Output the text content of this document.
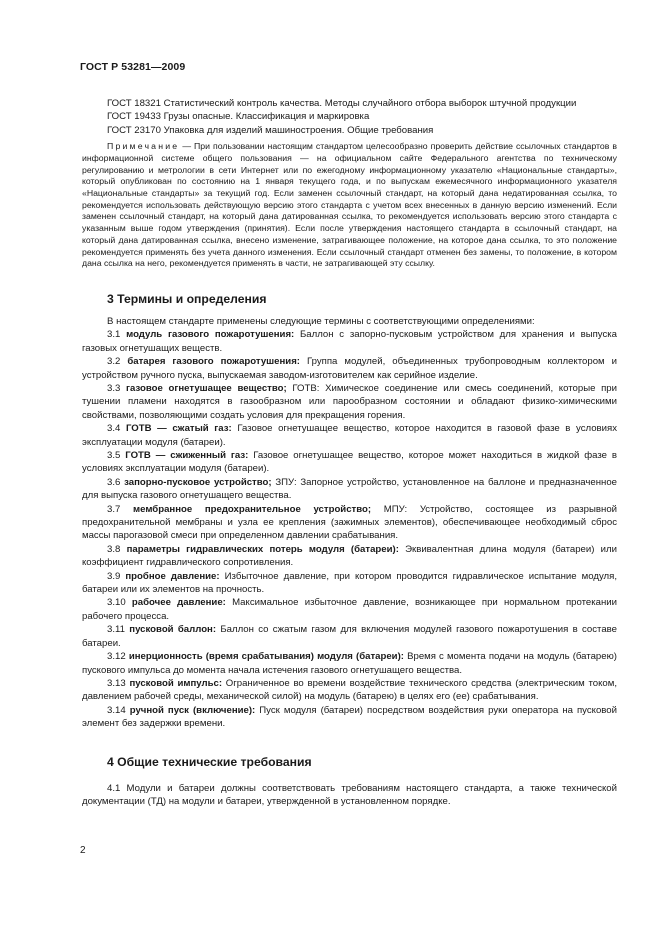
ГОСТ Р 53281—2009

ГОСТ 18321 Статистический контроль качества. Методы случайного отбора выборок штучной продукции

ГОСТ 19433 Грузы опасные. Классификация и маркировка

ГОСТ 23170 Упаковка для изделий машиностроения. Общие требования

Примечание — При пользовании настоящим стандартом целесообразно проверить действие ссылочных стандартов в информационной системе общего пользования — на официальном сайте Федерального агентства по техническому регулированию и метрологии в сети Интернет или по ежегодному информационному указателю «Национальные стандарты», который опубликован по состоянию на 1 января текущего года, и по выпускам ежемесячного информационного указателя «Национальные стандарты» за текущий год. Если заменен ссылочный стандарт, на который дана недатированная ссылка, то рекомендуется использовать действующую версию этого стандарта с учетом всех внесенных в данную версию изменений. Если заменен ссылочный стандарт, на который дана датированная ссылка, то рекомендуется использовать версию этого стандарта с указанным выше годом утверждения (принятия). Если после утверждения настоящего стандарта в ссылочный стандарт, на который дана датированная ссылка, внесено изменение, затрагивающее положение, на которое дана ссылка, то это положение рекомендуется применять без учета данного изменения. Если ссылочный стандарт отменен без замены, то положение, в котором дана ссылка на него, рекомендуется применять в части, не затрагивающей эту ссылку.

3 Термины и определения

В настоящем стандарте применены следующие термины с соответствующими определениями:

3.1 модуль газового пожаротушения: Баллон с запорно-пусковым устройством для хранения и выпуска газовых огнетушащих веществ.

3.2 батарея газового пожаротушения: Группа модулей, объединенных трубопроводным коллектором и устройством ручного пуска, выпускаемая заводом-изготовителем как серийное изделие.

3.3 газовое огнетушащее вещество; ГОТВ: Химическое соединение или смесь соединений, которые при тушении пламени находятся в газообразном или парообразном состоянии и обладают физико-химическими свойствами, позволяющими создать условия для прекращения горения.

3.4 ГОТВ — сжатый газ: Газовое огнетушащее вещество, которое находится в газовой фазе в условиях эксплуатации модуля (батареи).

3.5 ГОТВ — сжиженный газ: Газовое огнетушащее вещество, которое может находиться в жидкой фазе в условиях эксплуатации модуля (батареи).

3.6 запорно-пусковое устройство; ЗПУ: Запорное устройство, установленное на баллоне и предназначенное для выпуска газового огнетушащего вещества.

3.7 мембранное предохранительное устройство; МПУ: Устройство, состоящее из разрывной предохранительной мембраны и узла ее крепления (зажимных элементов), обеспечивающее необходимый сброс массы парогазовой смеси при определенном давлении срабатывания.

3.8 параметры гидравлических потерь модуля (батареи): Эквивалентная длина модуля (батареи) или коэффициент гидравлического сопротивления.

3.9 пробное давление: Избыточное давление, при котором проводится гидравлическое испытание модуля, батареи или их элементов на прочность.

3.10 рабочее давление: Максимальное избыточное давление, возникающее при нормальном протекании рабочего процесса.

3.11 пусковой баллон: Баллон со сжатым газом для включения модулей газового пожаротушения в составе батареи.

3.12 инерционность (время срабатывания) модуля (батареи): Время с момента подачи на модуль (батарею) пускового импульса до момента начала истечения газового огнетушащего вещества.

3.13 пусковой импульс: Ограниченное во времени воздействие технического средства (электрическим током, давлением рабочей среды, механической силой) на модуль (батарею) в целях его (ее) срабатывания.

3.14 ручной пуск (включение): Пуск модуля (батареи) посредством воздействия руки оператора на пусковой элемент без задержки времени.

4 Общие технические требования

4.1 Модули и батареи должны соответствовать требованиям настоящего стандарта, а также технической документации (ТД) на модули и батареи, утвержденной в установленном порядке.

2
